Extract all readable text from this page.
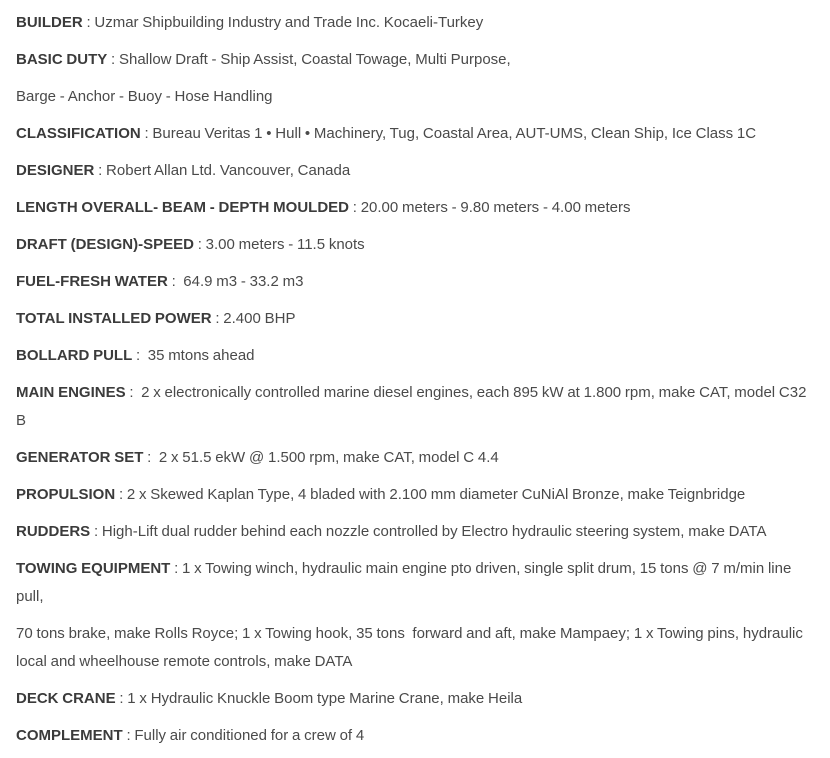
BUILDER : Uzmar Shipbuilding Industry and Trade Inc. Kocaeli-Turkey

BASIC DUTY : Shallow Draft - Ship Assist, Coastal Towage, Multi Purpose,

Barge - Anchor - Buoy - Hose Handling

CLASSIFICATION : Bureau Veritas 1 • Hull • Machinery, Tug, Coastal Area, AUT-UMS, Clean Ship, Ice Class 1C

DESIGNER : Robert Allan Ltd. Vancouver, Canada

LENGTH OVERALL- BEAM - DEPTH MOULDED : 20.00 meters - 9.80 meters - 4.00 meters

DRAFT (DESIGN)-SPEED : 3.00 meters - 11.5 knots

FUEL-FRESH WATER :  64.9 m3 - 33.2 m3

TOTAL INSTALLED POWER : 2.400 BHP

BOLLARD PULL :  35 mtons ahead

MAIN ENGINES :  2 x electronically controlled marine diesel engines, each 895 kW at 1.800 rpm, make CAT, model C32 B

GENERATOR SET :  2 x 51.5 ekW @ 1.500 rpm, make CAT, model C 4.4

PROPULSION : 2 x Skewed Kaplan Type, 4 bladed with 2.100 mm diameter CuNiAl Bronze, make Teignbridge

RUDDERS : High-Lift dual rudder behind each nozzle controlled by Electro hydraulic steering system, make DATA

TOWING EQUIPMENT : 1 x Towing winch, hydraulic main engine pto driven, single split drum, 15 tons @ 7 m/min line pull,

70 tons brake, make Rolls Royce; 1 x Towing hook, 35 tons  forward and aft, make Mampaey; 1 x Towing pins, hydraulic local and wheelhouse remote controls, make DATA

DECK CRANE : 1 x Hydraulic Knuckle Boom type Marine Crane, make Heila

COMPLEMENT : Fully air conditioned for a crew of 4
